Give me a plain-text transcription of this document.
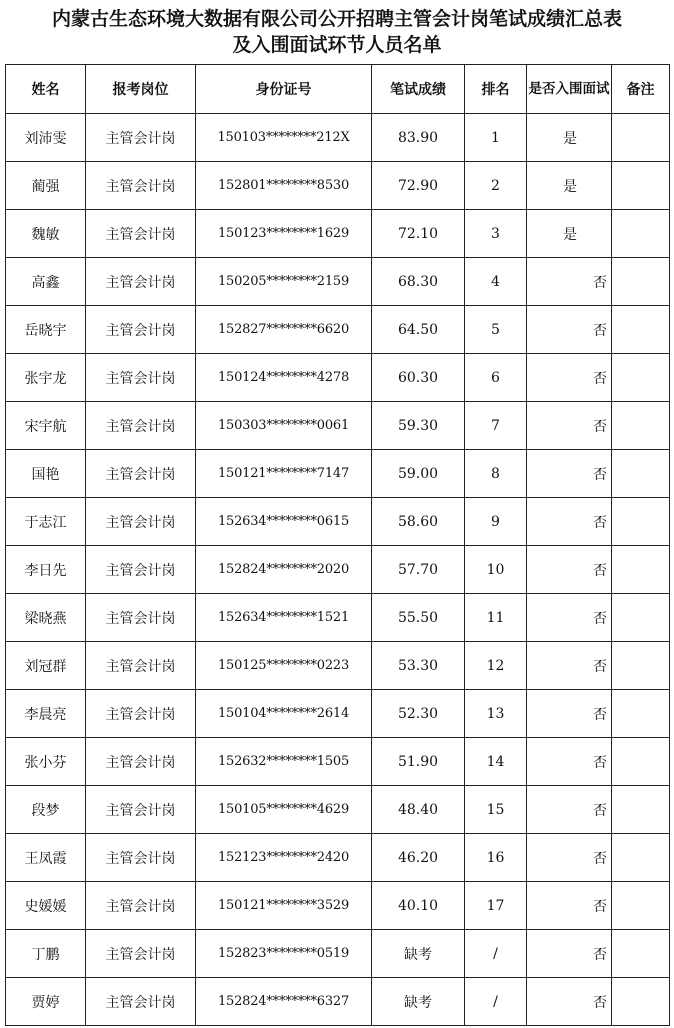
内蒙古生态环境大数据有限公司公开招聘主管会计岗笔试成绩汇总表
及入围面试环节人员名单
姓名	报考岗位	身份证号	笔试成绩	排名	是否入围面试	备注
刘沛雯	主管会计岗	150103********212X	83.90	1	是	
蔺强	主管会计岗	152801********8530	72.90	2	是	
魏敏	主管会计岗	150123********1629	72.10	3	是	
高鑫	主管会计岗	150205********2159	68.30	4	否	
岳晓宇	主管会计岗	152827********6620	64.50	5	否	
张宇龙	主管会计岗	150124********4278	60.30	6	否	
宋宇航	主管会计岗	150303********0061	59.30	7	否	
国艳	主管会计岗	150121********7147	59.00	8	否	
于志江	主管会计岗	152634********0615	58.60	9	否	
李日先	主管会计岗	152824********2020	57.70	10	否	
梁晓燕	主管会计岗	152634********1521	55.50	11	否	
刘冠群	主管会计岗	150125********0223	53.30	12	否	
李晨亮	主管会计岗	150104********2614	52.30	13	否	
张小芬	主管会计岗	152632********1505	51.90	14	否	
段梦	主管会计岗	150105********4629	48.40	15	否	
王凤霞	主管会计岗	152123********2420	46.20	16	否	
史媛媛	主管会计岗	150121********3529	40.10	17	否	
丁鹏	主管会计岗	152823********0519	缺考	/	否	
贾婷	主管会计岗	152824********6327	缺考	/	否	
